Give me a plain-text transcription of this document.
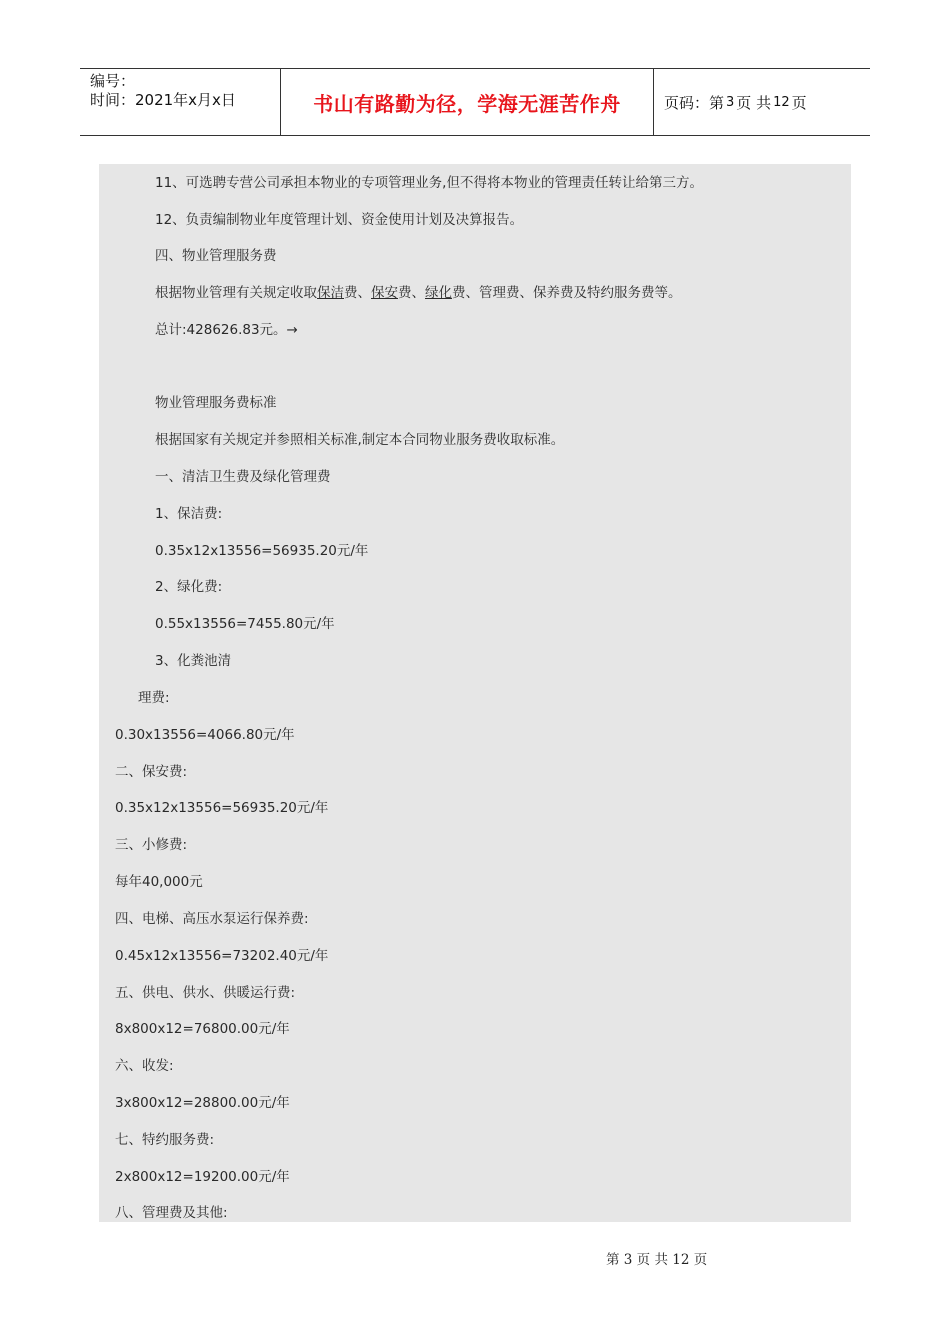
编号：
时间：2021年x月x日	书山有路勤为径，学海无涯苦作舟	页码：第 3 页 共 12 页
11、可选聘专营公司承担本物业的专项管理业务,但不得将本物业的管理责任转让给第三方。
12、负责编制物业年度管理计划、资金使用计划及决算报告。
四、物业管理服务费
根据物业管理有关规定收取保洁费、保安费、绿化费、管理费、保养费及特约服务费等。
总计:428626.83元。→
物业管理服务费标准
根据国家有关规定并参照相关标准,制定本合同物业服务费收取标准。
一、清洁卫生费及绿化管理费
1、保洁费:
0.35x12x13556=56935.20元/年
2、绿化费:
0.55x13556=7455.80元/年
3、化粪池清
理费:
0.30x13556=4066.80元/年
二、保安费:
0.35x12x13556=56935.20元/年
三、小修费:
每年40,000元
四、电梯、高压水泵运行保养费:
0.45x12x13556=73202.40元/年
五、供电、供水、供暖运行费:
8x800x12=76800.00元/年
六、收发:
3x800x12=28800.00元/年
七、特约服务费:
2x800x12=19200.00元/年
八、管理费及其他:
第 3 页 共 12 页
